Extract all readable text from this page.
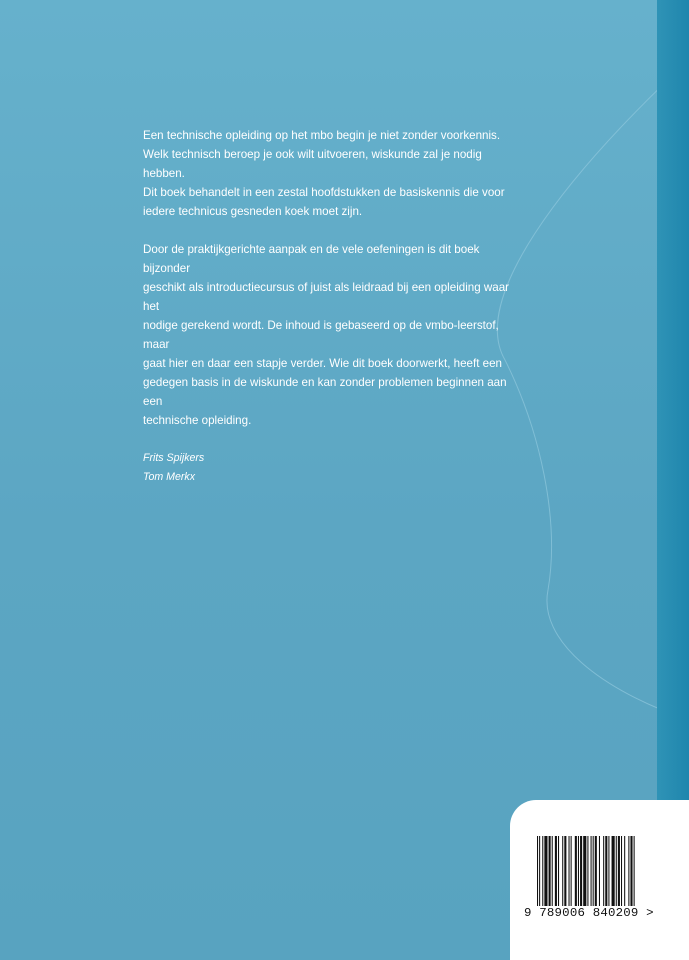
Een technische opleiding op het mbo begin je niet zonder voorkennis.
Welk technisch beroep je ook wilt uitvoeren, wiskunde zal je nodig hebben.
Dit boek behandelt in een zestal hoofdstukken de basiskennis die voor
iedere technicus gesneden koek moet zijn.

Door de praktijkgerichte aanpak en de vele oefeningen is dit boek bijzonder
geschikt als introductiecursus of juist als leidraad bij een opleiding waar het
nodige gerekend wordt. De inhoud is gebaseerd op de vmbo-leerstof, maar
gaat hier en daar een stapje verder. Wie dit boek doorwerkt, heeft een
gedegen basis in de wiskunde en kan zonder problemen beginnen aan een
technische opleiding.

Frits Spijkers
Tom Merkx
9 789006 840209 >
